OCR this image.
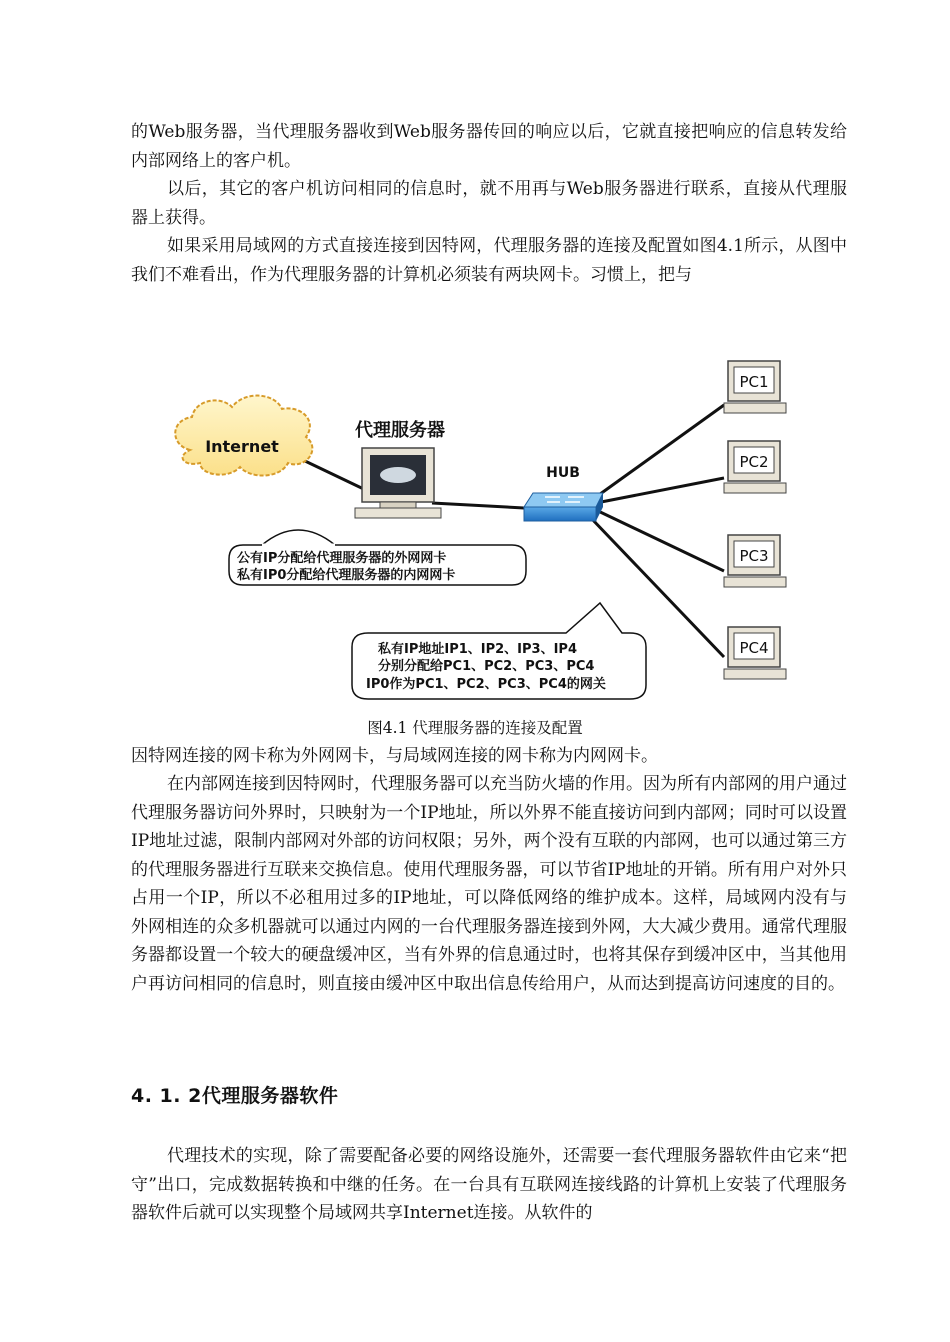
的Web服务器，当代理服务器收到Web服务器传回的响应以后，它就直接把响应的信息转发给内部网络上的客户机。

以后，其它的客户机访问相同的信息时，就不用再与Web服务器进行联系，直接从代理服器上获得。

如果采用局域网的方式直接连接到因特网，代理服务器的连接及配置如图4.1所示，从图中我们不难看出，作为代理服务器的计算机必须装有两块网卡。习惯上，把与

Internet
代理服务器
HUB
PC1
PC2
PC3
PC4
公有IP分配给代理服务器的外网网卡
私有IP0分配给代理服务器的内网网卡
私有IP地址IP1、IP2、IP3、IP4
分别分配给PC1、PC2、PC3、PC4
IP0作为PC1、PC2、PC3、PC4的网关
图4.1 代理服务器的连接及配置

因特网连接的网卡称为外网网卡，与局域网连接的网卡称为内网网卡。

在内部网连接到因特网时，代理服务器可以充当防火墙的作用。因为所有内部网的用户通过代理服务器访问外界时，只映射为一个IP地址，所以外界不能直接访问到内部网；同时可以设置IP地址过滤，限制内部网对外部的访问权限；另外，两个没有互联的内部网，也可以通过第三方的代理服务器进行互联来交换信息。使用代理服务器，可以节省IP地址的开销。所有用户对外只占用一个IP，所以不必租用过多的IP地址，可以降低网络的维护成本。这样，局域网内没有与外网相连的众多机器就可以通过内网的一台代理服务器连接到外网，大大减少费用。通常代理服务器都设置一个较大的硬盘缓冲区，当有外界的信息通过时，也将其保存到缓冲区中，当其他用户再访问相同的信息时，则直接由缓冲区中取出信息传给用户，从而达到提高访问速度的目的。

4. 1. 2代理服务器软件

代理技术的实现，除了需要配备必要的网络设施外，还需要一套代理服务器软件由它来“把守”出口，完成数据转换和中继的任务。在一台具有互联网连接线路的计算机上安装了代理服务器软件后就可以实现整个局域网共享Internet连接。从软件的
